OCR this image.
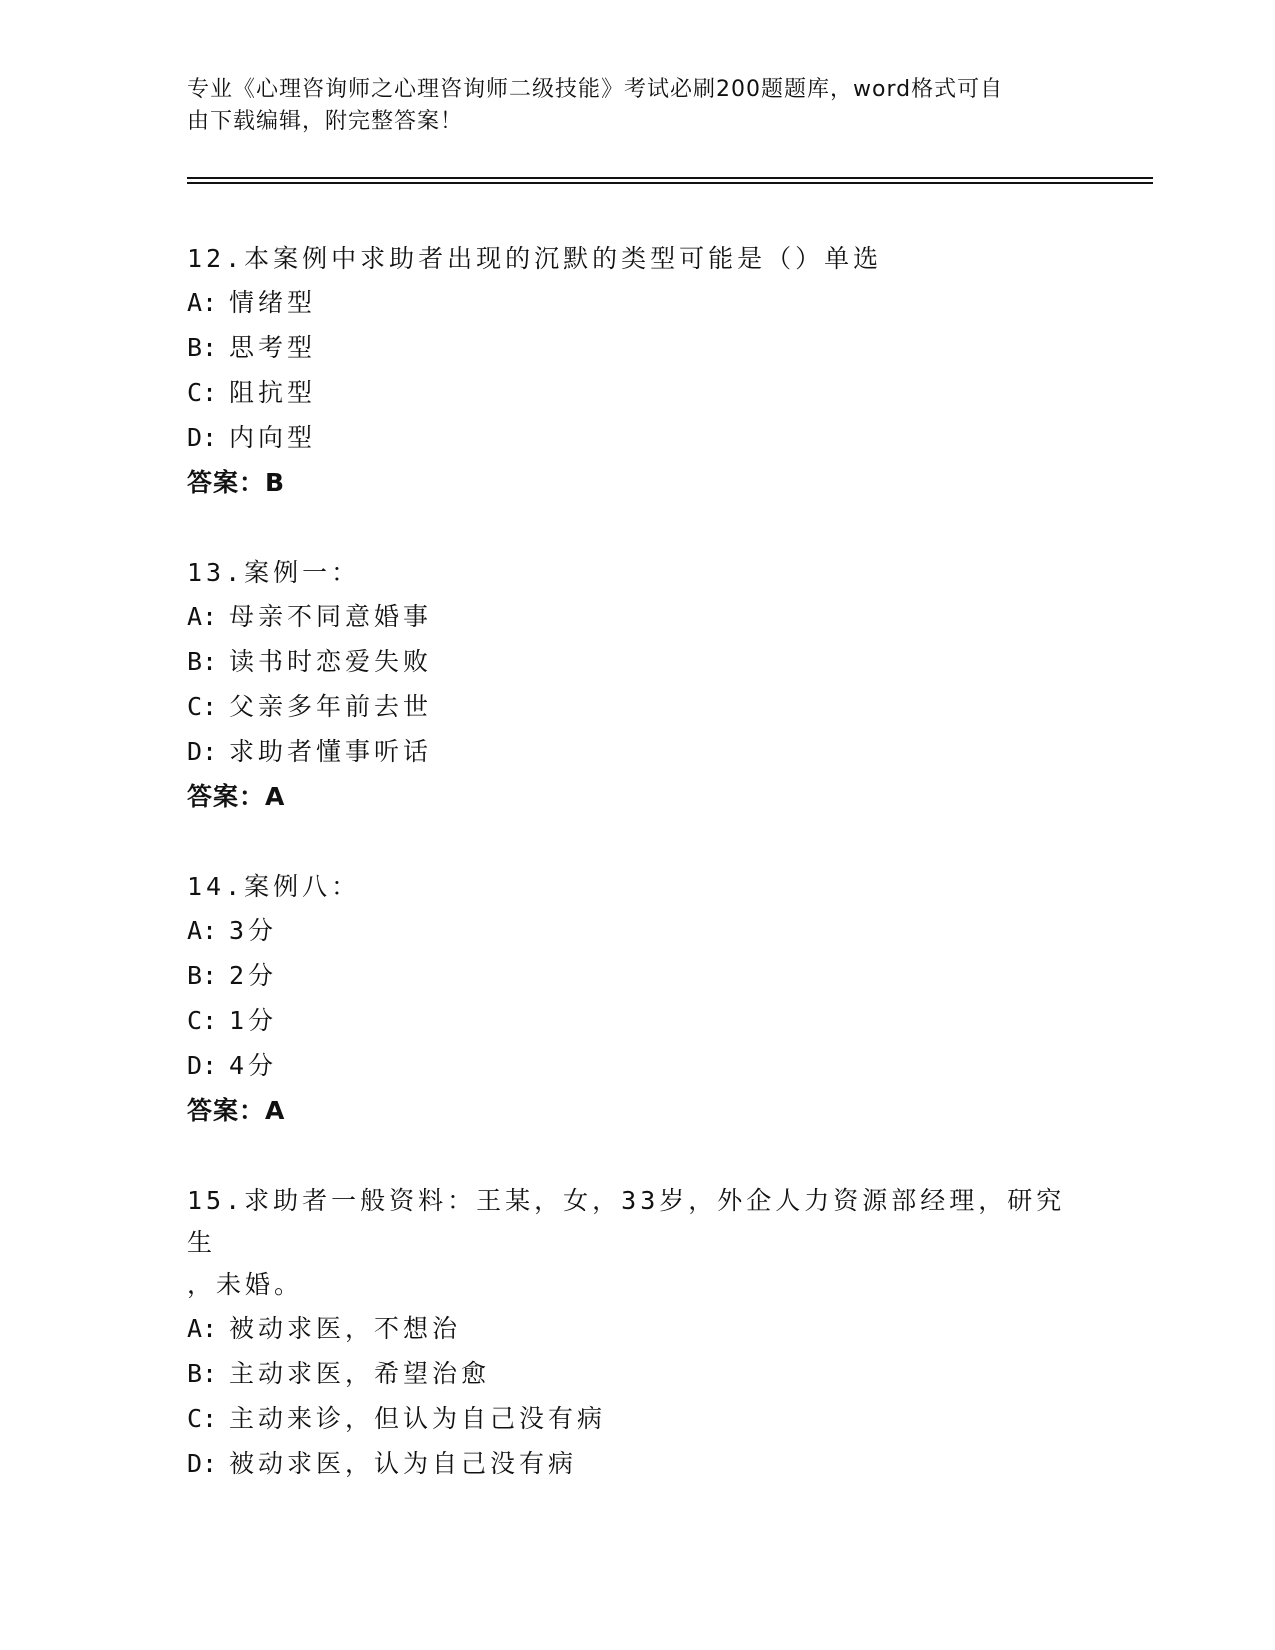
专业《心理咨询师之心理咨询师二级技能》考试必刷200题题库，word格式可自
由下载编辑，附完整答案！
12.本案例中求助者出现的沉默的类型可能是（）单选
A: 情绪型
B: 思考型
C: 阻抗型
D: 内向型
答案：B
13.案例一：
A: 母亲不同意婚事
B: 读书时恋爱失败
C: 父亲多年前去世
D: 求助者懂事听话
答案：A
14.案例八：
A: 3分
B: 2分
C: 1分
D: 4分
答案：A
15.求助者一般资料：王某，女，33岁，外企人力资源部经理，研究生
，未婚。
A: 被动求医，不想治
B: 主动求医，希望治愈
C: 主动来诊，但认为自己没有病
D: 被动求医，认为自己没有病
